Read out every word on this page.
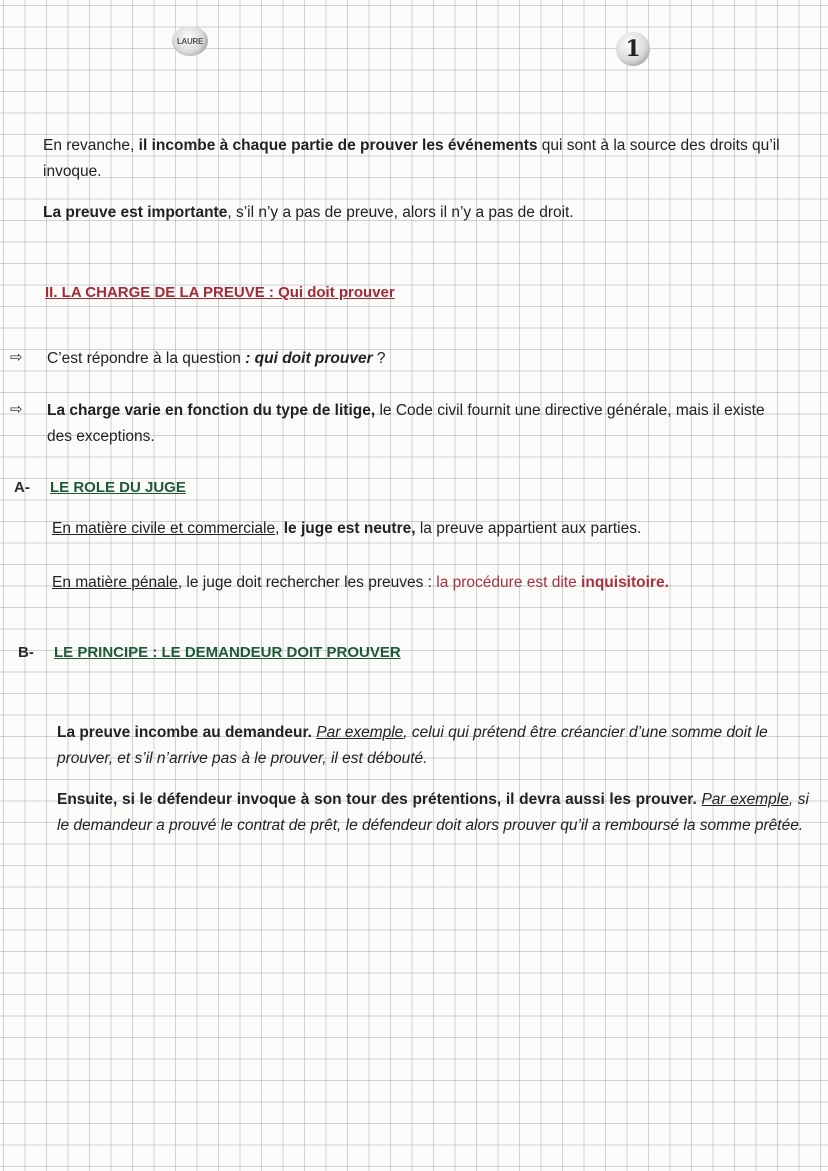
LAURE	1
En revanche, il incombe à chaque partie de prouver les événements qui sont à la source des droits qu’il invoque.
La preuve est importante, s’il n’y a pas de preuve, alors il n’y a pas de droit.
II. LA CHARGE DE LA PREUVE : Qui doit prouver
⇨ C’est répondre à la question : qui doit prouver ?
⇨ La charge varie en fonction du type de litige, le Code civil fournit une directive générale, mais il existe des exceptions.
A- LE ROLE DU JUGE
En matière civile et commerciale, le juge est neutre, la preuve appartient aux parties.
En matière pénale, le juge doit rechercher les preuves : la procédure est dite inquisitoire.
B- LE PRINCIPE : LE DEMANDEUR DOIT PROUVER
La preuve incombe au demandeur. Par exemple, celui qui prétend être créancier d’une somme doit le prouver, et s’il n’arrive pas à le prouver, il est débouté.
Ensuite, si le défendeur invoque à son tour des prétentions, il devra aussi les prouver. Par exemple, si le demandeur a prouvé le contrat de prêt, le défendeur doit alors prouver qu’il a remboursé la somme prêtée.
